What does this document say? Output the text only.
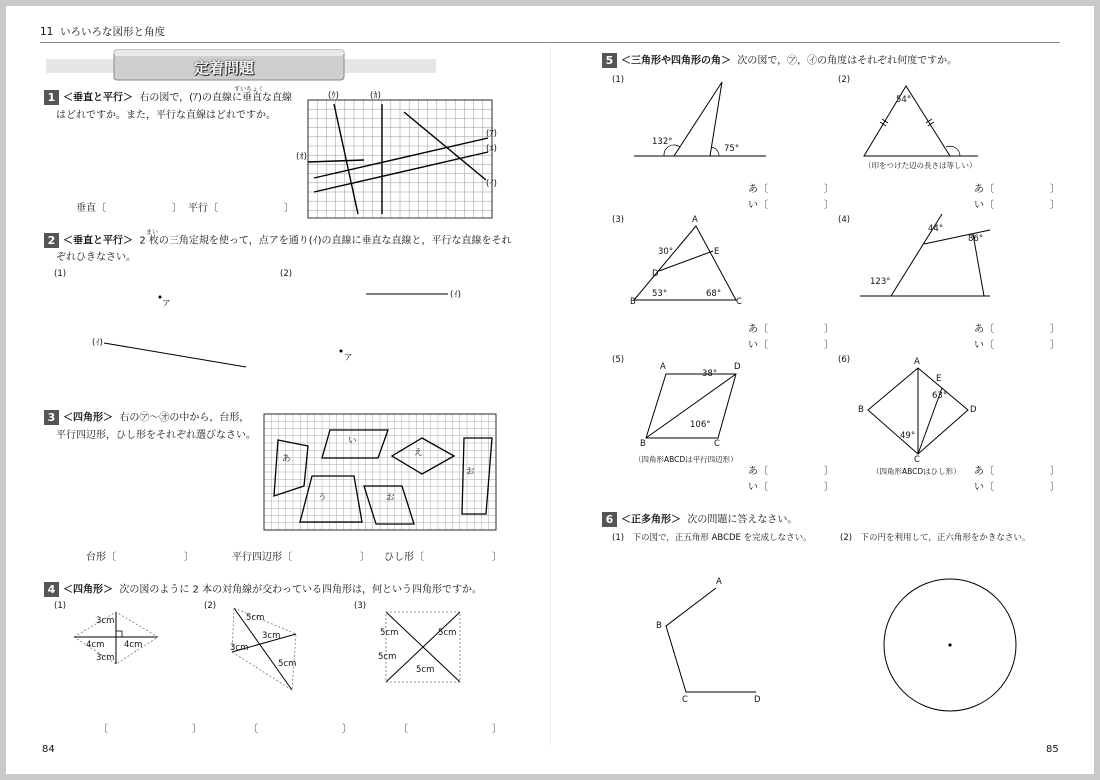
11 いろいろな図形と角度
定着問題
1 ＜垂直と平行＞ 右の図で，(ｱ)の直線に垂直な直線
すいちょく
はどれですか。また，平行な直線はどれですか。
(ｳ)	(ｶ)
(ｱ)
(ｴ)
(ｵ)
(ｲ)
垂直〔	〕 平行〔	〕
2 ＜垂直と平行＞ 2 枚の三角定規を使って，点アを通り(ｲ)の直線に垂直な直線と，平行な直線をそれ
まい
ぞれひきなさい。
(1)	(2)
ア
(ｲ)
(ｲ)
ア
3 ＜四角形＞ 右の㋐～㋔の中から，台形，
平行四辺形，ひし形をそれぞれ選びなさい。
あ
い
う
え
お
お
台形〔	〕	平行四辺形〔	〕 ひし形〔	〕
4 ＜四角形＞ 次の図のように 2 本の対角線が交わっている四角形は，何という四角形ですか。
(1)	(2)	(3)
3cm
4cm 4cm
3cm
5cm
3cm
3cm
5cm
5cm	5cm
5cm
5cm
〔	〕	〔	〕	〔	〕
84
5 ＜三角形や四角形の角＞ 次の図で，㋐，㋑の角度はそれぞれ何度ですか。
(1)	(2)
(3)	(4)
(5)	(6)
132°
75°
54°
（印をつけた辺の長さは等しい）
A
30°	E
D
B
53°	68°
C
44°
86°
123°
A	D
38°
106°
B	C
（四角形ABCDは平行四辺形）
A
E
63°
B	D
49°
C
（四角形ABCDはひし形）
あ〔	〕
い〔	〕
あ〔	〕
い〔	〕
あ〔	〕
い〔	〕
あ〔	〕
い〔	〕
あ〔	〕
い〔	〕
あ〔	〕
い〔	〕
6 ＜正多角形＞ 次の問題に答えなさい。
(1)　下の図で，正五角形 ABCDE を完成しなさい。	(2)　下の円を利用して，正六角形をかきなさい。
A
B
C	D
85
